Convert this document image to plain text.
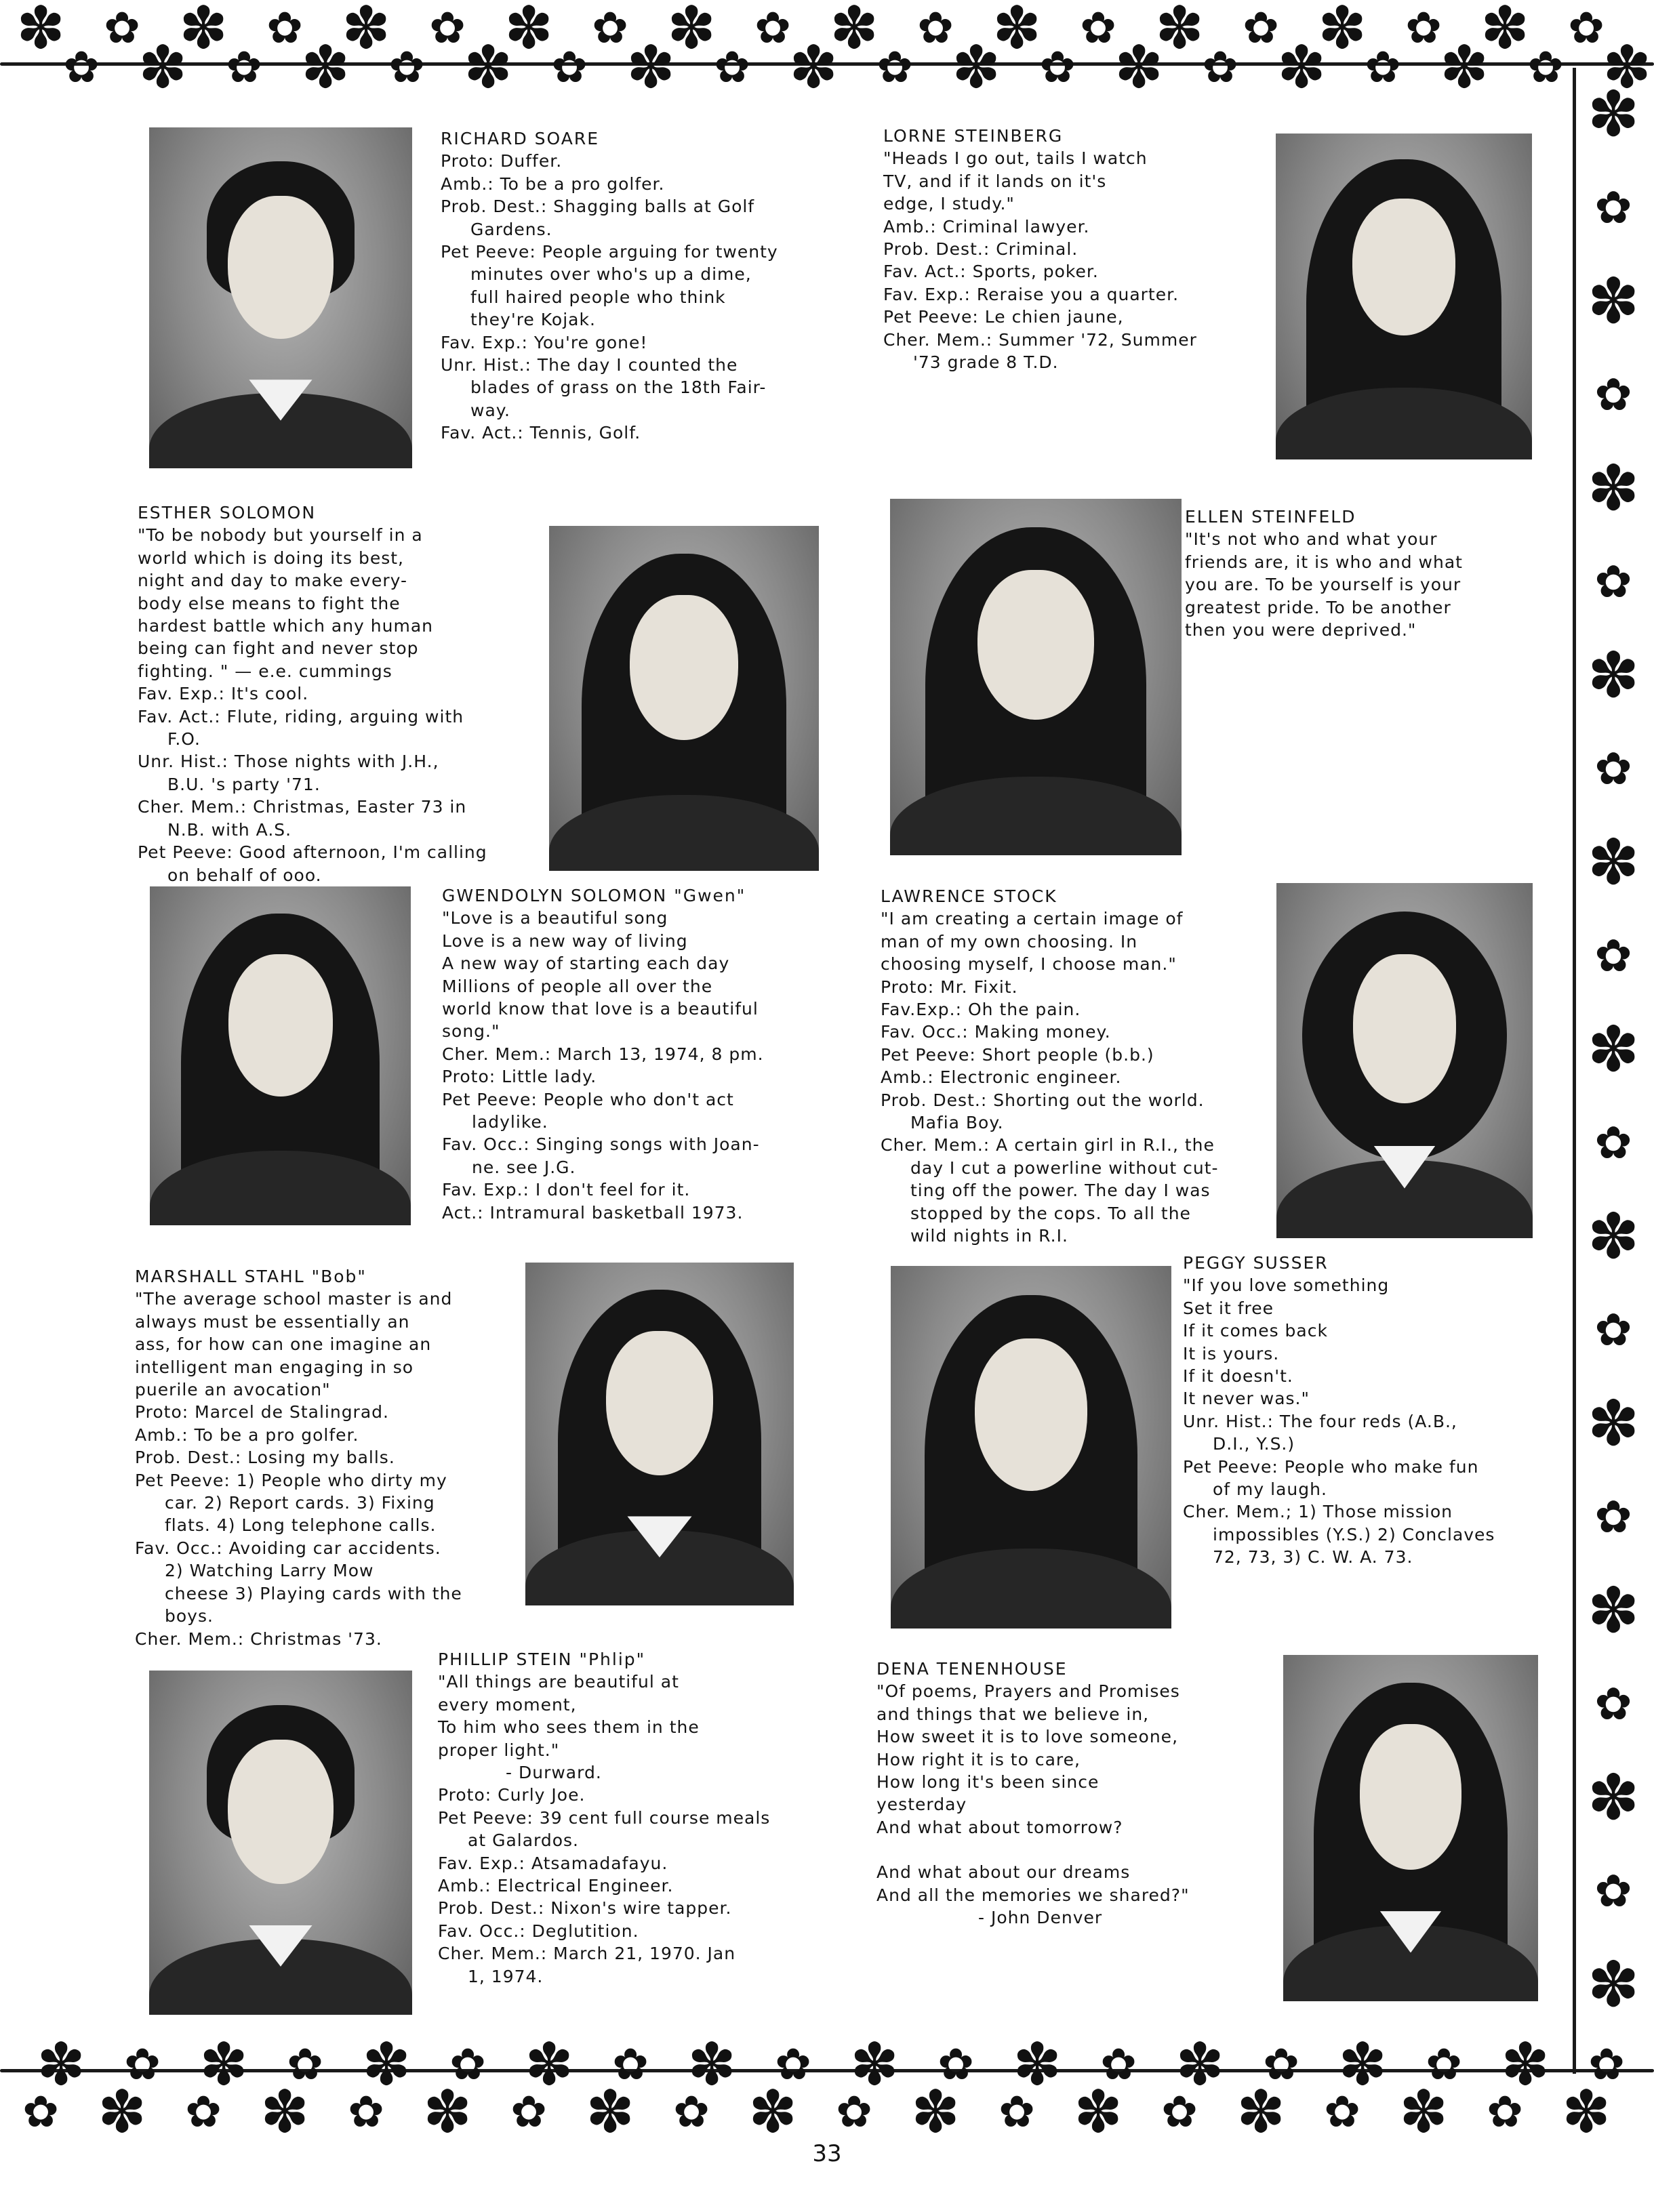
✽ ✿ ✽ ✿ ✽ ✿ ✽ ✿ ✽ ✿ ✽ ✿ ✽ ✿ ✽ ✿ ✽ ✿ ✽ ✿
✿ ✽ ✿ ✽ ✿ ✽ ✿ ✽ ✿ ✽ ✿ ✽ ✿ ✽ ✿ ✽ ✿ ✽ ✿ ✽
✽
✿
✽
✿
✽
✿
✽
✿
✽
✿
✽
✿
✽
✿
✽
✿
✽
✿
✽
✿
✽
✽ ✿ ✽ ✿ ✽ ✿ ✽ ✿ ✽ ✿ ✽ ✿ ✽ ✿ ✽ ✿ ✽ ✿ ✽ ✿
✿ ✽ ✿ ✽ ✿ ✽ ✿ ✽ ✿ ✽ ✿ ✽ ✿ ✽ ✿ ✽ ✿ ✽ ✿ ✽
RICHARD SOARE
Proto: Duffer.
Amb.: To be a pro golfer.
Prob. Dest.: Shagging balls at Golf
Gardens.
Pet Peeve: People arguing for twenty
minutes over who's up a dime,
full haired people who think
they're Kojak.
Fav. Exp.: You're gone!
Unr. Hist.: The day I counted the
blades of grass on the 18th Fair-
way.
Fav. Act.: Tennis, Golf.
LORNE STEINBERG
"Heads I go out, tails I watch
TV, and if it lands on it's
edge, I study."
Amb.: Criminal lawyer.
Prob. Dest.: Criminal.
Fav. Act.: Sports, poker.
Fav. Exp.: Reraise you a quarter.
Pet Peeve: Le chien jaune,
Cher. Mem.: Summer '72, Summer
'73 grade 8 T.D.
ESTHER SOLOMON
"To be nobody but yourself in a
world which is doing its best,
night and day to make every-
body else means to fight the
hardest battle which any human
being can fight and never stop
fighting. " — e.e. cummings
Fav. Exp.: It's cool.
Fav. Act.: Flute, riding, arguing with
F.O.
Unr. Hist.: Those nights with J.H.,
B.U. 's party '71.
Cher. Mem.: Christmas, Easter 73 in
N.B. with A.S.
Pet Peeve: Good afternoon, I'm calling
on behalf of ooo.
ELLEN STEINFELD
"It's not who and what your
friends are, it is who and what
you are. To be yourself is your
greatest pride. To be another
then you were deprived."
GWENDOLYN SOLOMON "Gwen"
"Love is a beautiful song
Love is a new way of living
A new way of starting each day
Millions of people all over the
world know that love is a beautiful
song."
Cher. Mem.: March 13, 1974, 8 pm.
Proto: Little lady.
Pet Peeve: People who don't act
ladylike.
Fav. Occ.: Singing songs with Joan-
ne. see J.G.
Fav. Exp.: I don't feel for it.
Act.: Intramural basketball 1973.
LAWRENCE STOCK
"I am creating a certain image of
man of my own choosing. In
choosing myself, I choose man."
Proto: Mr. Fixit.
Fav.Exp.: Oh the pain.
Fav. Occ.: Making money.
Pet Peeve: Short people (b.b.)
Amb.: Electronic engineer.
Prob. Dest.: Shorting out the world.
Mafia Boy.
Cher. Mem.: A certain girl in R.I., the
day I cut a powerline without cut-
ting off the power. The day I was
stopped by the cops. To all the
wild nights in R.I.
MARSHALL STAHL "Bob"
"The average school master is and
always must be essentially an
ass, for how can one imagine an
intelligent man engaging in so
puerile an avocation"
Proto: Marcel de Stalingrad.
Amb.: To be a pro golfer.
Prob. Dest.: Losing my balls.
Pet Peeve: 1) People who dirty my
car. 2) Report cards. 3) Fixing
flats. 4) Long telephone calls.
Fav. Occ.: Avoiding car accidents.
2) Watching Larry Mow
cheese 3) Playing cards with the
boys.
Cher. Mem.: Christmas '73.
PEGGY SUSSER
"If you love something
Set it free
If it comes back
It is yours.
If it doesn't.
It never was."
Unr. Hist.: The four reds (A.B.,
D.I., Y.S.)
Pet Peeve: People who make fun
of my laugh.
Cher. Mem.; 1) Those mission
impossibles (Y.S.) 2) Conclaves
72, 73, 3) C. W. A. 73.
PHILLIP STEIN "Phlip"
"All things are beautiful at
every moment,
To him who sees them in the
proper light."
- Durward.
Proto: Curly Joe.
Pet Peeve: 39 cent full course meals
at Galardos.
Fav. Exp.: Atsamadafayu.
Amb.: Electrical Engineer.
Prob. Dest.: Nixon's wire tapper.
Fav. Occ.: Deglutition.
Cher. Mem.: March 21, 1970. Jan
1, 1974.
DENA TENENHOUSE
"Of poems, Prayers and Promises
and things that we believe in,
How sweet it is to love someone,
How right it is to care,
How long it's been since
yesterday
And what about tomorrow?
And what about our dreams
And all the memories we shared?"
- John Denver
33
